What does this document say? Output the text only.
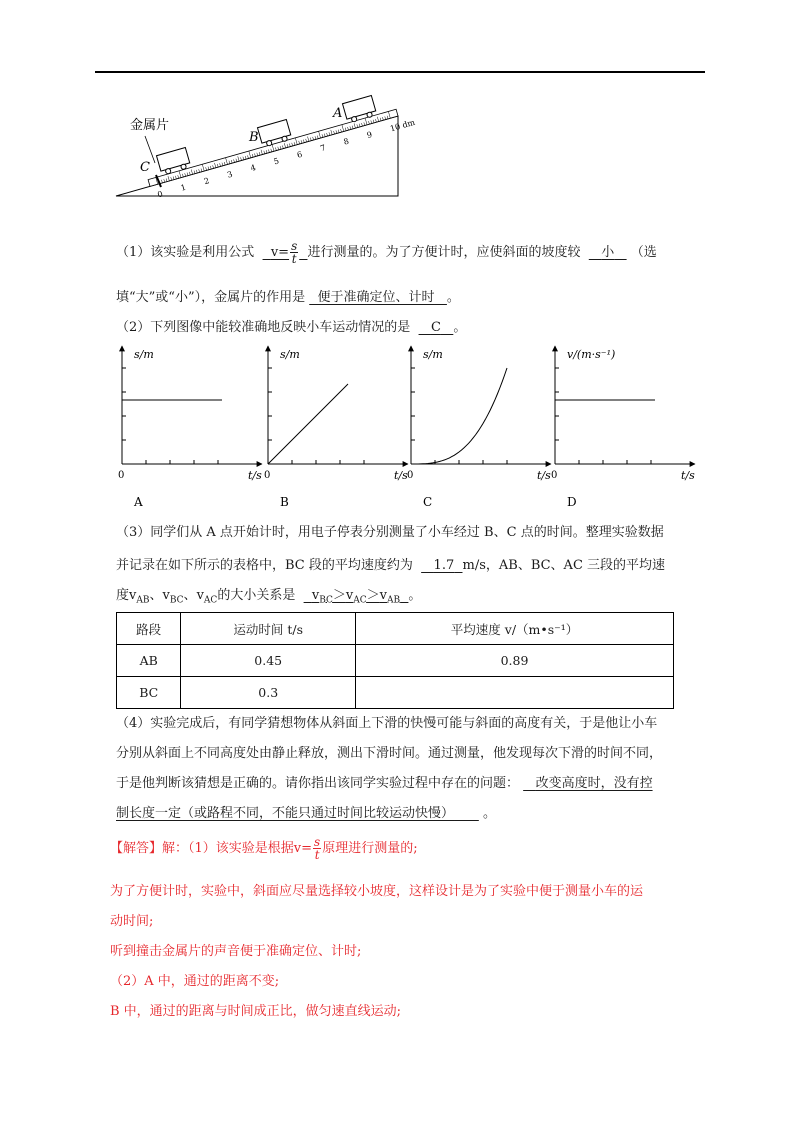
0
1
2
3
4
5
6
7
8
9
10 dm
金属片
C
B
A
（1）该实验是利用公式 $v= \frac{s}{t}$ 进行测量的。为了方便计时，应使斜面的坡度较 小 （选
填“大”或“小”），金属片的作用是 便于准确定位、计时 。
（2）下列图像中能较准确地反映小车运动情况的是 C 。
s/m
t/s
0
A
s/m
t/s
0
B
s/m
t/s
0
C
v/(m·s⁻¹)
t/s
0
D
（3）同学们从 A 点开始计时，用电子停表分别测量了小车经过 B、C 点的时间。整理实验数据
并记录在如下所示的表格中，BC 段的平均速度约为 1.7 m/s，AB、BC、AC 三段的平均速
度$v_{AB}$、$v_{BC}$、$v_{AC}$的大小关系是 $v_{BC}>v_{AC}>v_{AB}$ 。
路段	运动时间 t/s	平均速度 v/（m•s⁻¹）
AB	0.45	0.89
BC	0.3	
（4）实验完成后，有同学猜想物体从斜面上下滑的快慢可能与斜面的高度有关，于是他让小车
分别从斜面上不同高度处由静止释放，测出下滑时间。通过测量，他发现每次下滑的时间不同，
于是他判断该猜想是正确的。请你指出该同学实验过程中存在的问题： 改变高度时，没有控
制长度一定（或路程不同，不能只通过时间比较运动快慢） 。
【解答】解：（1）该实验是根据$v= \frac{s}{t}$ 原理进行测量的;
为了方便计时，实验中，斜面应尽量选择较小坡度，这样设计是为了实验中便于测量小车的运
动时间;
听到撞击金属片的声音便于准确定位、计时;
（2）A 中，通过的距离不变;
B 中，通过的距离与时间成正比，做匀速直线运动;
